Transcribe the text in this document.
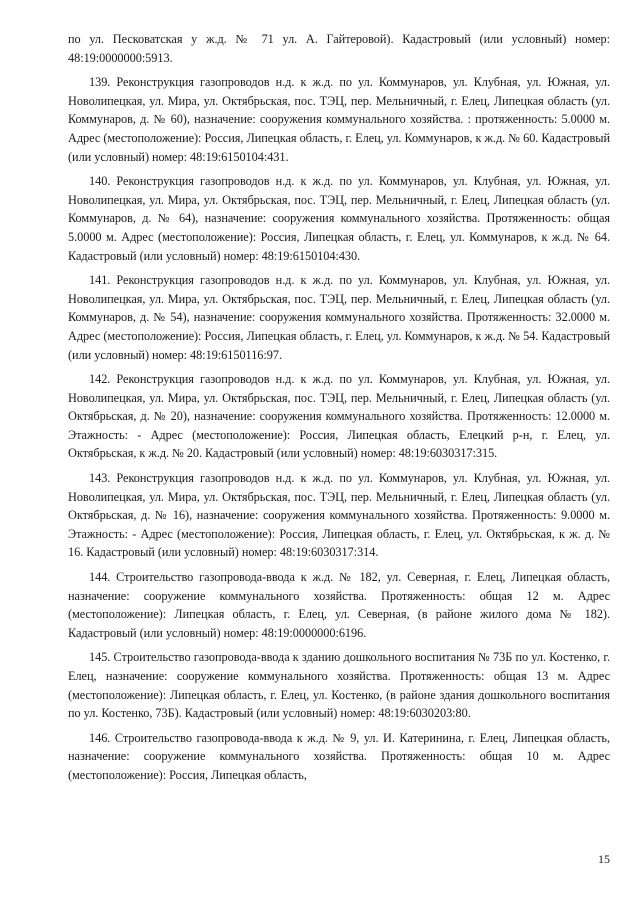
по ул. Песковатская у ж.д. № 71 ул. А. Гайтеровой). Кадастровый (или условный) номер: 48:19:0000000:5913.

139. Реконструкция газопроводов н.д. к ж.д. по ул. Коммунаров, ул. Клубная, ул. Южная, ул. Новолипецкая, ул. Мира, ул. Октябрьская, пос. ТЭЦ, пер. Мельничный, г. Елец, Липецкая область (ул. Коммунаров, д. № 60), назначение: сооружения коммунального хозяйства. : протяженность: 5.0000 м. Адрес (местоположение): Россия, Липецкая область, г. Елец, ул. Коммунаров, к ж.д. № 60. Кадастровый (или условный) номер: 48:19:6150104:431.

140. Реконструкция газопроводов н.д. к ж.д. по ул. Коммунаров, ул. Клубная, ул. Южная, ул. Новолипецкая, ул. Мира, ул. Октябрьская, пос. ТЭЦ, пер. Мельничный, г. Елец, Липецкая область (ул. Коммунаров, д. № 64), назначение: сооружения коммунального хозяйства. Протяженность: общая 5.0000 м. Адрес (местоположение): Россия, Липецкая область, г. Елец, ул. Коммунаров, к ж.д. № 64. Кадастровый (или условный) номер: 48:19:6150104:430.

141. Реконструкция газопроводов н.д. к ж.д. по ул. Коммунаров, ул. Клубная, ул. Южная, ул. Новолипецкая, ул. Мира, ул. Октябрьская, пос. ТЭЦ, пер. Мельничный, г. Елец, Липецкая область (ул. Коммунаров, д. № 54), назначение: сооружения коммунального хозяйства. Протяженность: 32.0000 м. Адрес (местоположение): Россия, Липецкая область, г. Елец, ул. Коммунаров, к ж.д. № 54. Кадастровый (или условный) номер: 48:19:6150116:97.

142. Реконструкция газопроводов н.д. к ж.д. по ул. Коммунаров, ул. Клубная, ул. Южная, ул. Новолипецкая, ул. Мира, ул. Октябрьская, пос. ТЭЦ, пер. Мельничный, г. Елец, Липецкая область (ул. Октябрьская, д. № 20), назначение: сооружения коммунального хозяйства. Протяженность: 12.0000 м. Этажность: - Адрес (местоположение): Россия, Липецкая область, Елецкий р-н, г. Елец, ул. Октябрьская, к ж.д. № 20. Кадастровый (или условный) номер: 48:19:6030317:315.

143. Реконструкция газопроводов н.д. к ж.д. по ул. Коммунаров, ул. Клубная, ул. Южная, ул. Новолипецкая, ул. Мира, ул. Октябрьская, пос. ТЭЦ, пер. Мельничный, г. Елец, Липецкая область (ул. Октябрьская, д. № 16), назначение: сооружения коммунального хозяйства. Протяженность: 9.0000 м. Этажность: - Адрес (местоположение): Россия, Липецкая область, г. Елец, ул. Октябрьская, к ж. д. № 16. Кадастровый (или условный) номер: 48:19:6030317:314.

144. Строительство газопровода-ввода к ж.д. № 182, ул. Северная, г. Елец, Липецкая область, назначение: сооружение коммунального хозяйства. Протяженность: общая 12 м. Адрес (местоположение): Липецкая область, г. Елец, ул. Северная, (в районе жилого дома № 182). Кадастровый (или условный) номер: 48:19:0000000:6196.

145. Строительство газопровода-ввода к зданию дошкольного воспитания № 73Б по ул. Костенко, г. Елец, назначение: сооружение коммунального хозяйства. Протяженность: общая 13 м. Адрес (местоположение): Липецкая область, г. Елец, ул. Костенко, (в районе здания дошкольного воспитания по ул. Костенко, 73Б). Кадастровый (или условный) номер: 48:19:6030203:80.

146. Строительство газопровода-ввода к ж.д. № 9, ул. И. Катеринина, г. Елец, Липецкая область, назначение: сооружение коммунального хозяйства. Протяженность: общая 10 м. Адрес (местоположение): Россия, Липецкая область,

15
